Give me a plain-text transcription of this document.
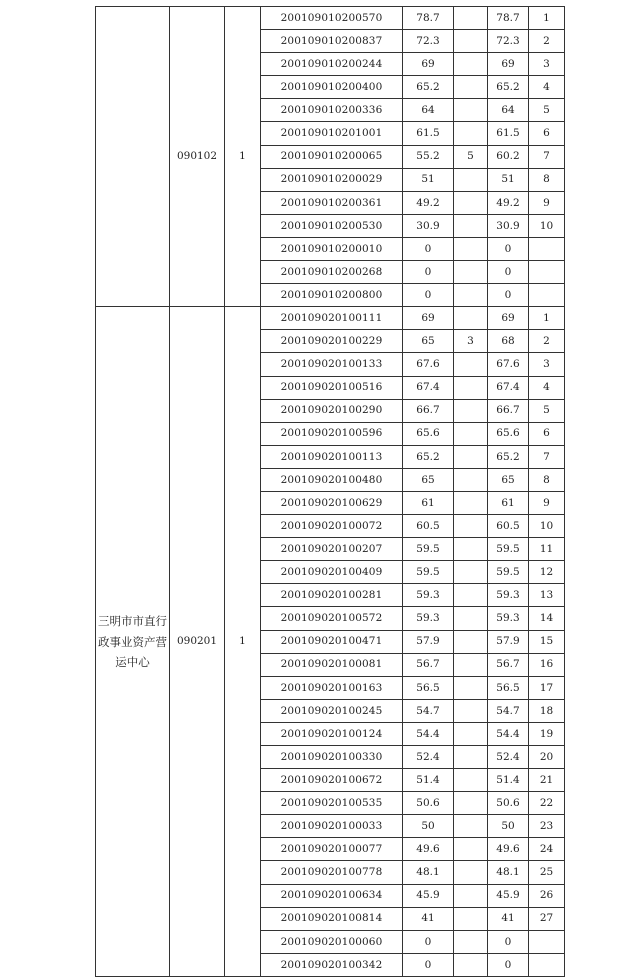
	090102	1	200109010200570	78.7		78.7	1
			200109010200837	72.3		72.3	2
			200109010200244	69		69	3
			200109010200400	65.2		65.2	4
			200109010200336	64		64	5
			200109010201001	61.5		61.5	6
			200109010200065	55.2	5	60.2	7
			200109010200029	51		51	8
			200109010200361	49.2		49.2	9
			200109010200530	30.9		30.9	10
			200109010200010	0		0	
			200109010200268	0		0	
			200109010200800	0		0	
三明市市直行政事业资产营运中心	090201	1	200109020100111	69		69	1
			200109020100229	65	3	68	2
			200109020100133	67.6		67.6	3
			200109020100516	67.4		67.4	4
			200109020100290	66.7		66.7	5
			200109020100596	65.6		65.6	6
			200109020100113	65.2		65.2	7
			200109020100480	65		65	8
			200109020100629	61		61	9
			200109020100072	60.5		60.5	10
			200109020100207	59.5		59.5	11
			200109020100409	59.5		59.5	12
			200109020100281	59.3		59.3	13
			200109020100572	59.3		59.3	14
			200109020100471	57.9		57.9	15
			200109020100081	56.7		56.7	16
			200109020100163	56.5		56.5	17
			200109020100245	54.7		54.7	18
			200109020100124	54.4		54.4	19
			200109020100330	52.4		52.4	20
			200109020100672	51.4		51.4	21
			200109020100535	50.6		50.6	22
			200109020100033	50		50	23
			200109020100077	49.6		49.6	24
			200109020100778	48.1		48.1	25
			200109020100634	45.9		45.9	26
			200109020100814	41		41	27
			200109020100060	0		0	
			200109020100342	0		0	
